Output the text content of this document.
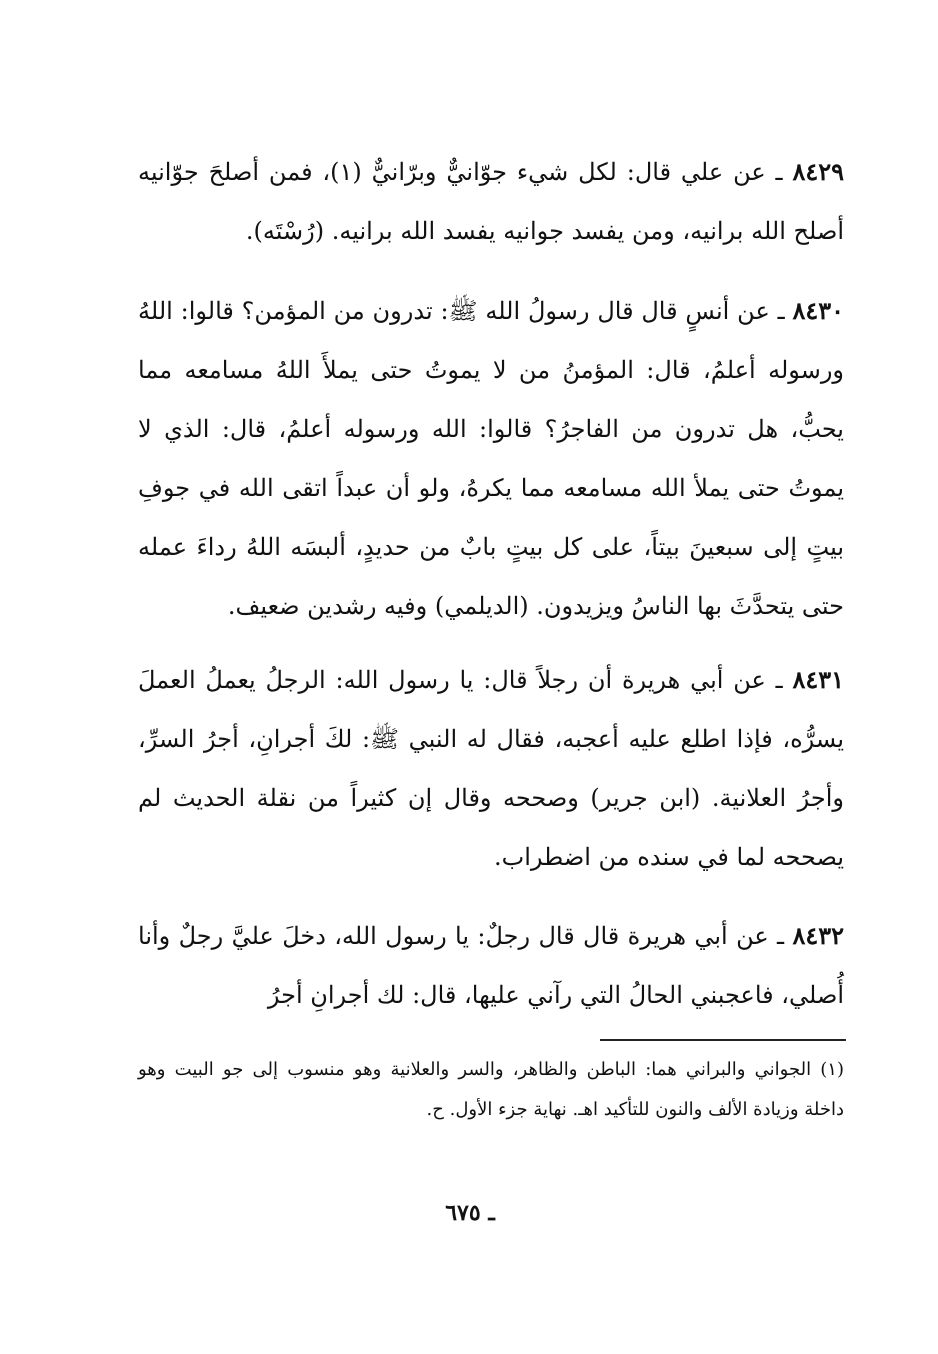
٨٤٢٩ ـ عن علي قال: لكل شيء جوّانيٌّ وبرّانيٌّ (١)، فمن أصلحَ جوّانيه أصلح الله برانيه، ومن يفسد جوانيه يفسد الله برانيه. (رُسْتَه).

٨٤٣٠ ـ عن أنسٍ قال قال رسولُ الله ﷺ: تدرون من المؤمن؟ قالوا: اللهُ ورسوله أعلمُ، قال: المؤمنُ من لا يموتُ حتى يملأَ اللهُ مسامعه مما يحبُّ، هل تدرون من الفاجرُ؟ قالوا: الله ورسوله أعلمُ، قال: الذي لا يموتُ حتى يملأ الله مسامعه مما يكرهُ، ولو أن عبداً اتقى الله في جوفِ بيتٍ إلى سبعينَ بيتاً، على كل بيتٍ بابٌ من حديدٍ، ألبسَه اللهُ رداءَ عمله حتى يتحدَّثَ بها الناسُ ويزيدون. (الديلمي) وفيه رشدين ضعيف.

٨٤٣١ ـ عن أبي هريرة أن رجلاً قال: يا رسول الله: الرجلُ يعملُ العملَ يسرُّه، فإذا اطلع عليه أعجبه، فقال له النبي ﷺ: لكَ أجرانِ، أجرُ السرِّ، وأجرُ العلانية. (ابن جرير) وصححه وقال إن كثيراً من نقلة الحديث لم يصححه لما في سنده من اضطراب.

٨٤٣٢ ـ عن أبي هريرة قال قال رجلٌ: يا رسول الله، دخلَ عليَّ رجلٌ وأنا أُصلي، فاعجبني الحالُ التي رآني عليها، قال: لك أجرانِ أجرُ

(١) الجواني والبراني هما: الباطن والظاهر، والسر والعلانية وهو منسوب إلى جو البيت وهو داخلة وزيادة الألف والنون للتأكيد اهـ. نهاية جزء الأول. ح.
ـ ٦٧٥
